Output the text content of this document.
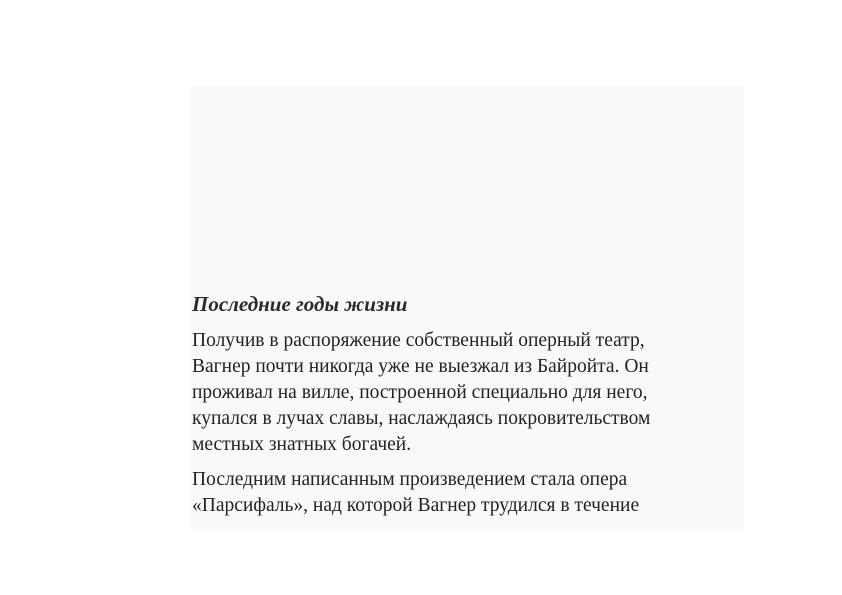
Последние годы жизни

Получив в распоряжение собственный оперный театр,
Вагнер почти никогда уже не выезжал из Байройта. Он
проживал на вилле, построенной специально для него,
купался в лучах славы, наслаждаясь покровительством
местных знатных богачей.

Последним написанным произведением стала опера
«Парсифаль», над которой Вагнер трудился в течение
